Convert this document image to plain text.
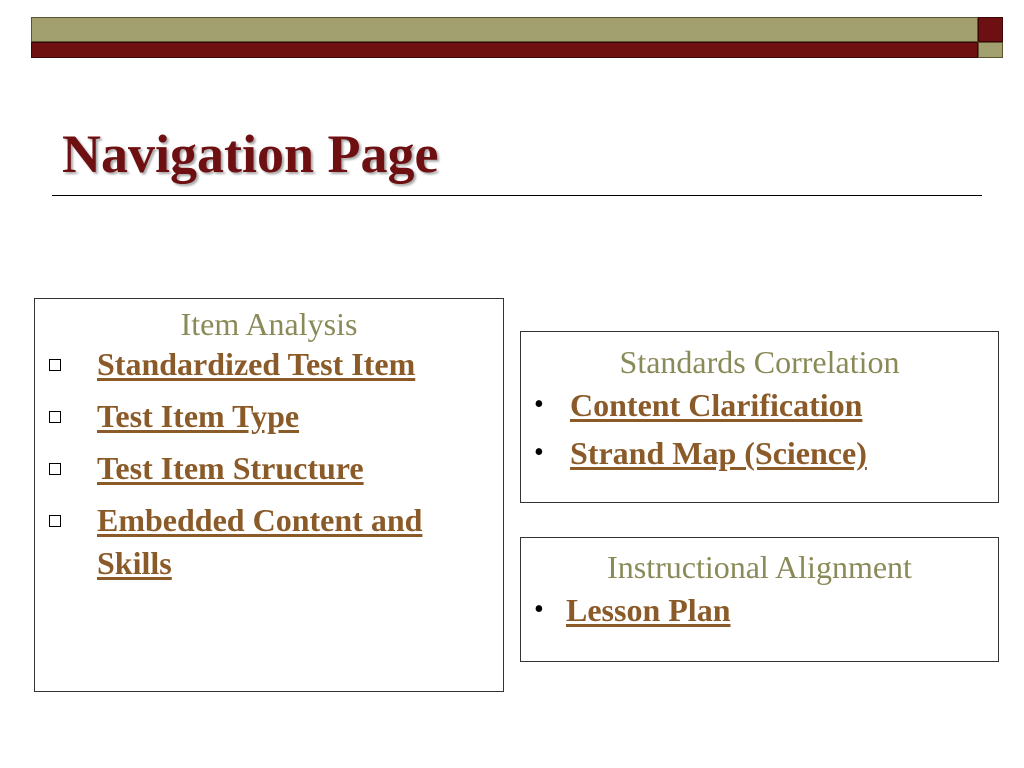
Navigation Page

Item Analysis

Standardized Test Item
Test Item Type
Test Item Structure
Embedded Content and Skills

Standards Correlation

• Content Clarification
• Strand Map (Science)

Instructional Alignment

• Lesson Plan
